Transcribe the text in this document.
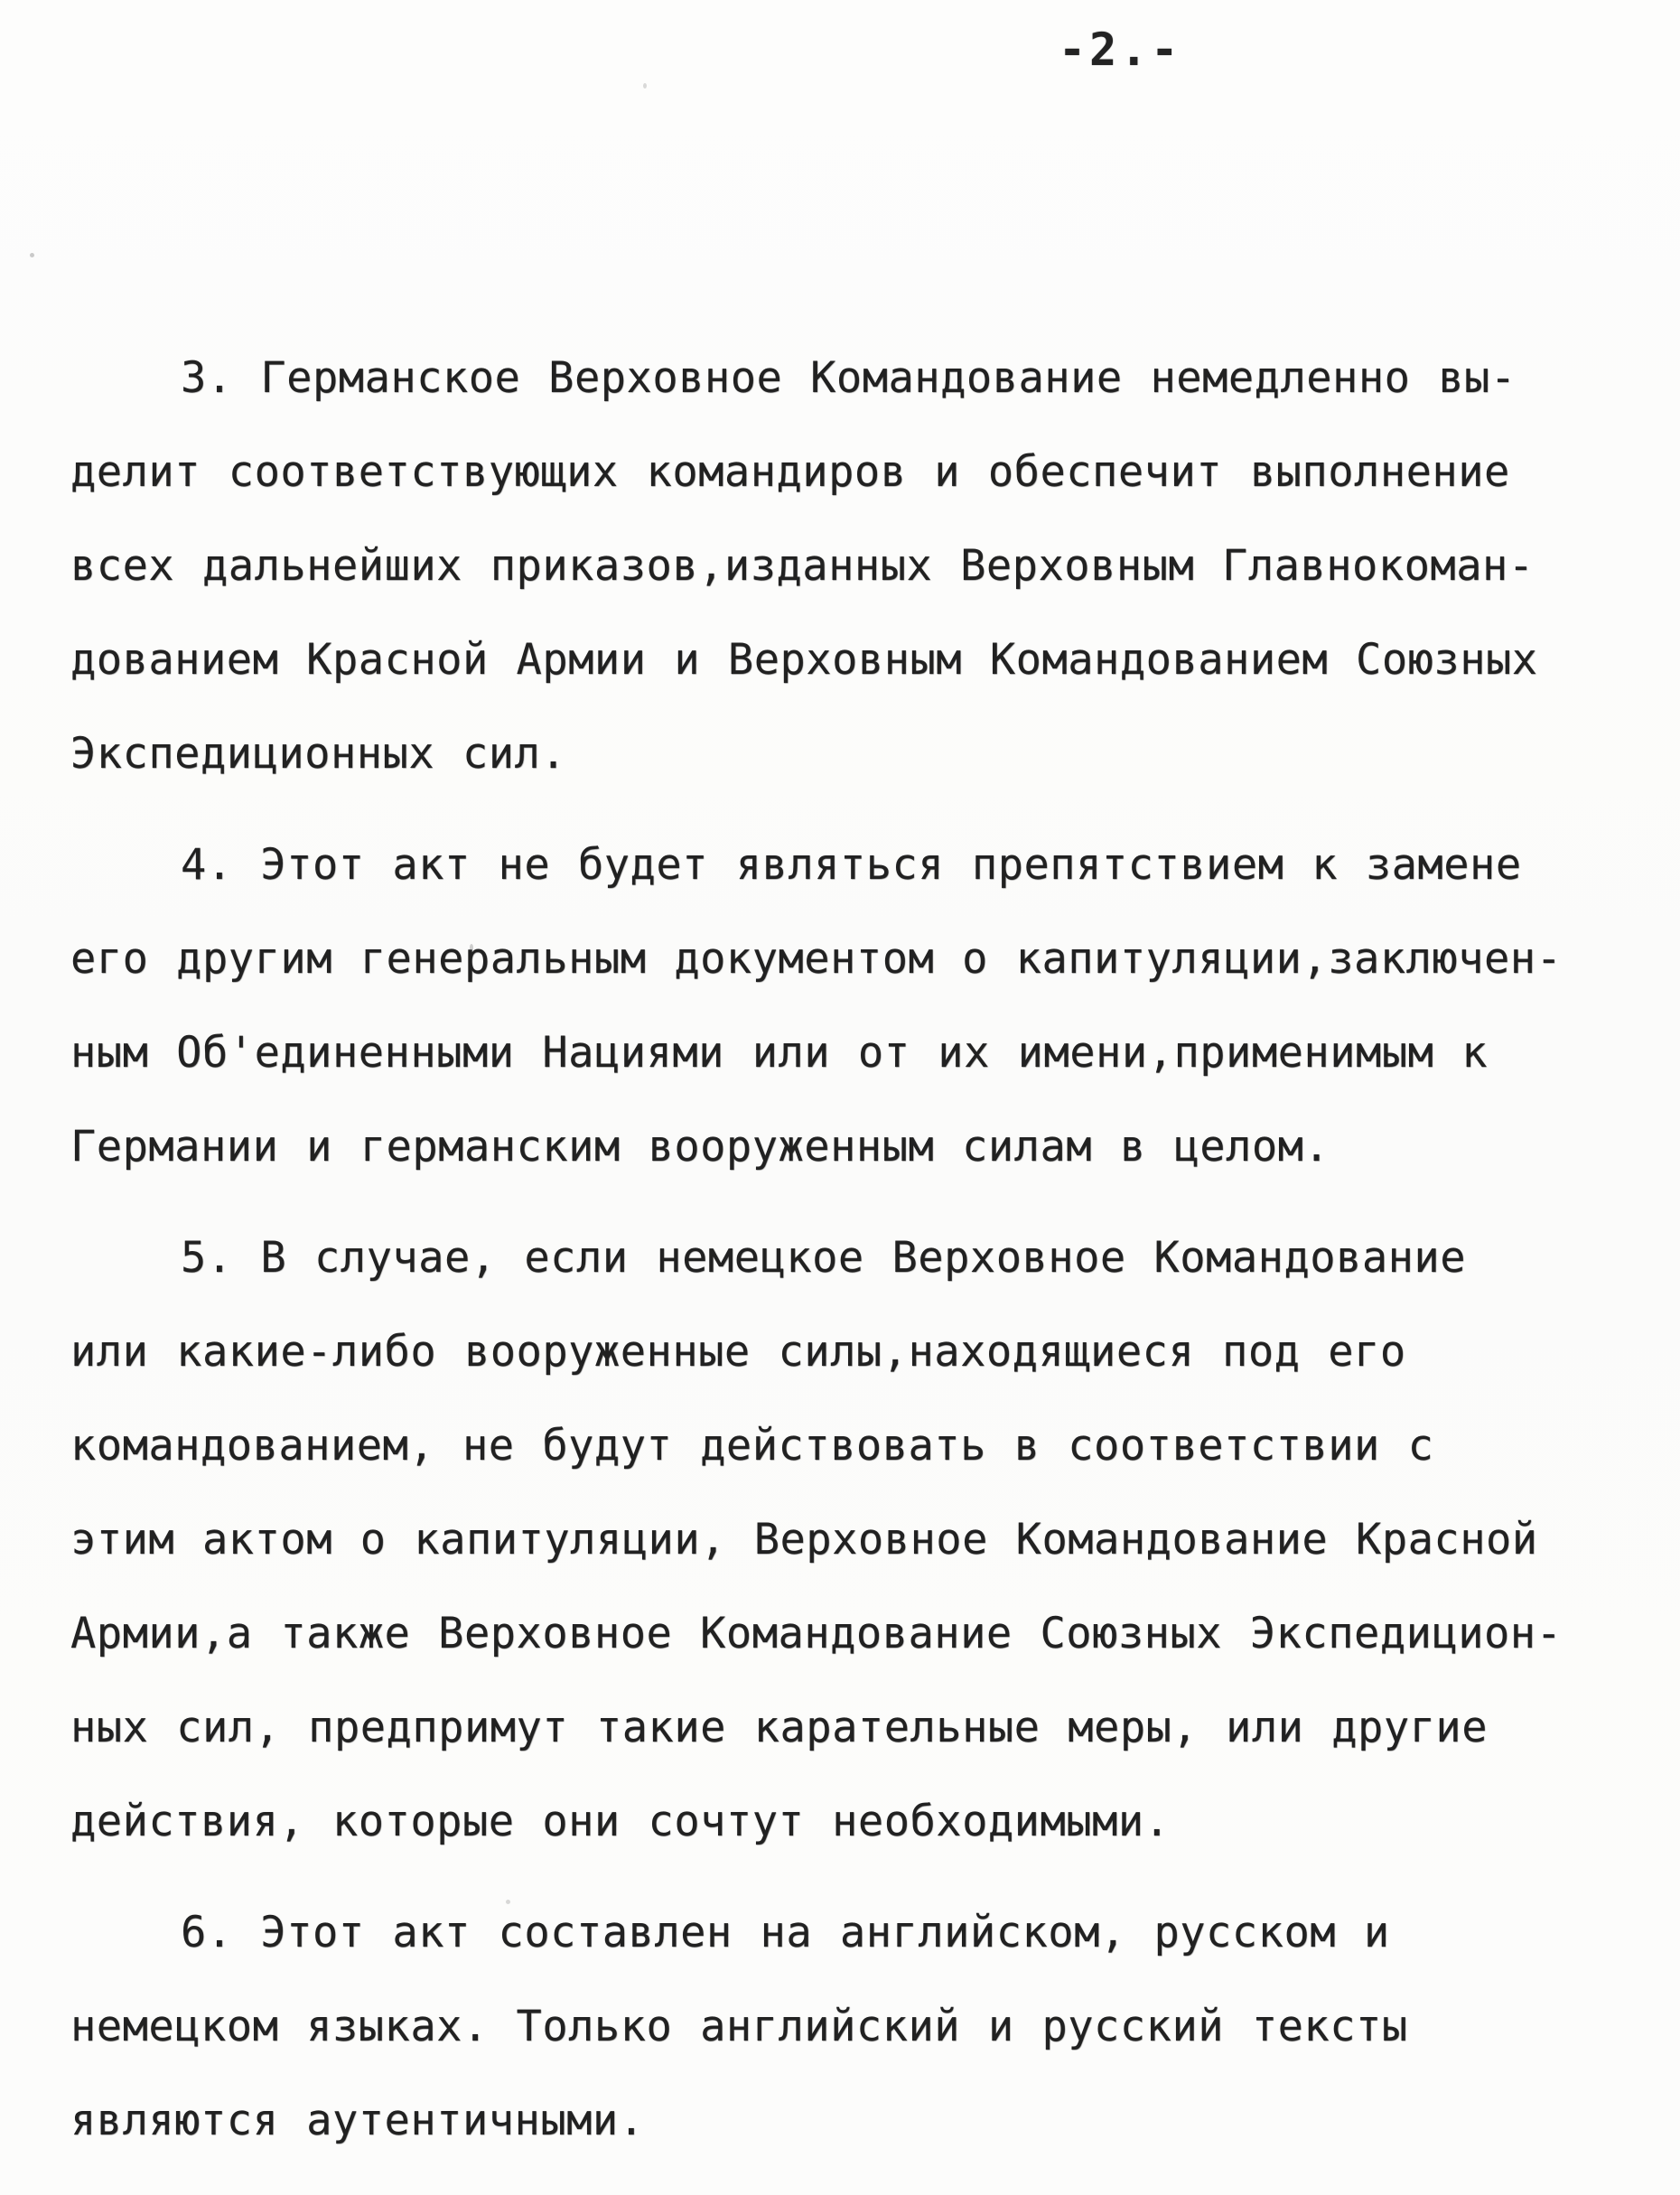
-2.-

3. Германское Верховное Командование немедленно вы-
делит соответствующих командиров и обеспечит выполнение
всех дальнейших приказов,изданных Верховным Главнокоман-
дованием Красной Армии и Верховным Командованием Союзных
Экспедиционных сил.

4. Этот акт не будет являться препятствием к замене
его другим генеральным документом о капитуляции,заключен-
ным Об'единенными Нациями или от их имени,применимым к
Германии и германским вооруженным силам в целом.

5. В случае, если немецкое Верховное Командование
или какие-либо вооруженные силы,находящиеся под его
командованием, не будут действовать в соответствии с
этим актом о капитуляции, Верховное Командование Красной
Армии,а также Верховное Командование Союзных Экспедицион-
ных сил, предпримут такие карательные меры, или другие
действия, которые они сочтут необходимыми.

6. Этот акт составлен на английском, русском и
немецком языках. Только английский и русский тексты
являются аутентичными.
